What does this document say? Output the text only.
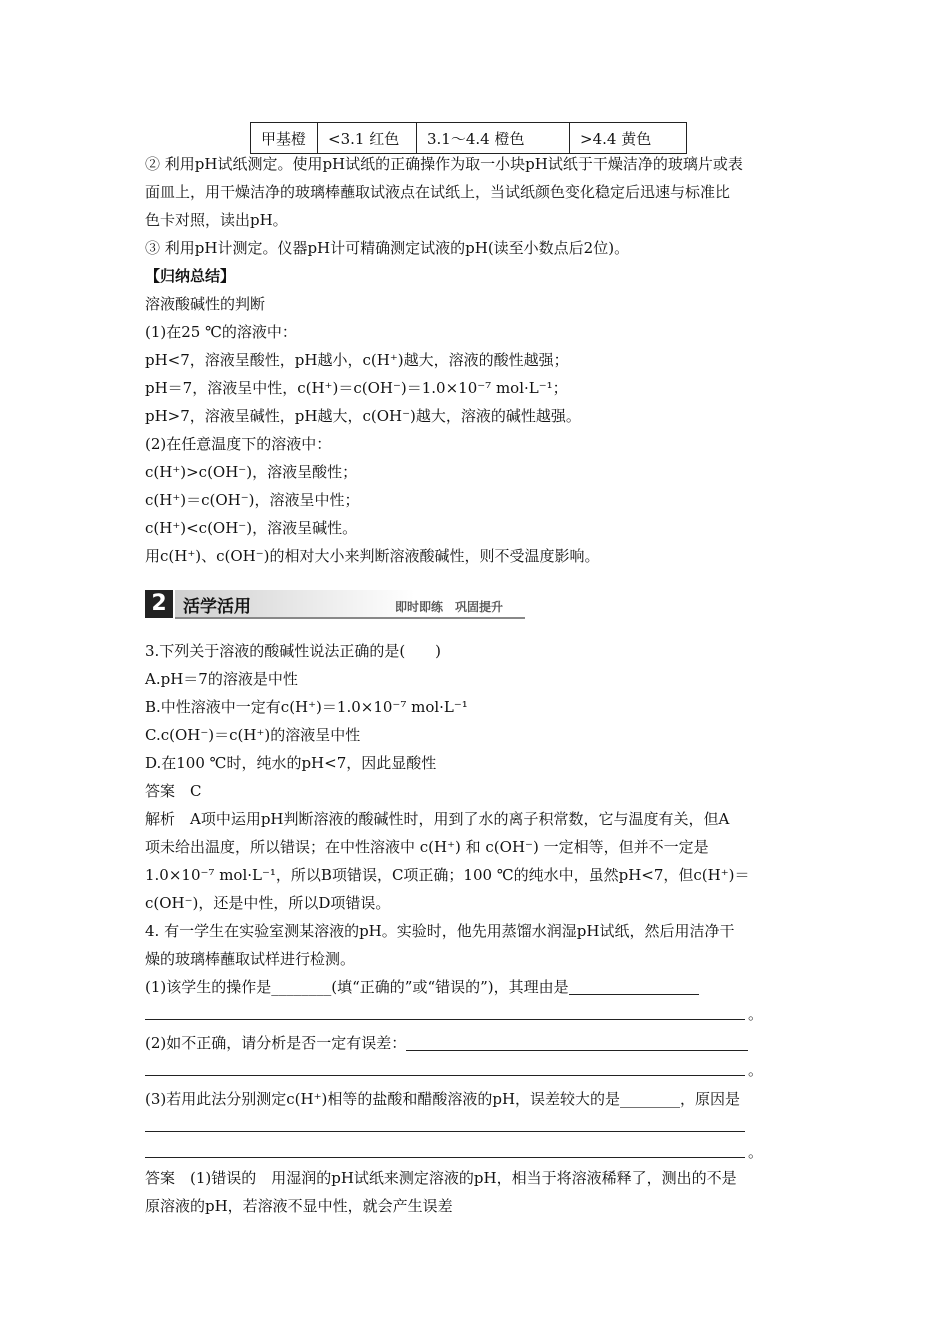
甲基橙	<3.1 红色	3.1～4.4 橙色	>4.4 黄色
② 利用pH试纸测定。使用pH试纸的正确操作为取一小块pH试纸于干燥洁净的玻璃片或表
面皿上，用干燥洁净的玻璃棒蘸取试液点在试纸上，当试纸颜色变化稳定后迅速与标准比
色卡对照，读出pH。
③ 利用pH计测定。仪器pH计可精确测定试液的pH(读至小数点后2位)。
【归纳总结】
溶液酸碱性的判断
(1)在25 ℃的溶液中：
pH<7，溶液呈酸性，pH越小，c(H⁺)越大，溶液的酸性越强；
pH＝7，溶液呈中性，c(H⁺)＝c(OH⁻)＝1.0×10⁻⁷ mol·L⁻¹；
pH>7，溶液呈碱性，pH越大，c(OH⁻)越大，溶液的碱性越强。
(2)在任意温度下的溶液中：
c(H⁺)>c(OH⁻)，溶液呈酸性；
c(H⁺)＝c(OH⁻)，溶液呈中性；
c(H⁺)<c(OH⁻)，溶液呈碱性。
用c(H⁺)、c(OH⁻)的相对大小来判断溶液酸碱性，则不受温度影响。
2 活学活用	即时即练　巩固提升
3.下列关于溶液的酸碱性说法正确的是(　　)
A.pH＝7的溶液是中性
B.中性溶液中一定有c(H⁺)＝1.0×10⁻⁷ mol·L⁻¹
C.c(OH⁻)＝c(H⁺)的溶液呈中性
D.在100 ℃时，纯水的pH<7，因此显酸性
答案　C
解析　A项中运用pH判断溶液的酸碱性时，用到了水的离子积常数，它与温度有关，但A
项未给出温度，所以错误；在中性溶液中 c(H⁺) 和 c(OH⁻) 一定相等，但并不一定是
1.0×10⁻⁷ mol·L⁻¹，所以B项错误，C项正确；100 ℃的纯水中，虽然pH<7，但c(H⁺)＝
c(OH⁻)，还是中性，所以D项错误。
4. 有一学生在实验室测某溶液的pH。实验时，他先用蒸馏水润湿pH试纸，然后用洁净干
燥的玻璃棒蘸取试样进行检测。
(1)该学生的操作是________(填“正确的”或“错误的”)，其理由是
。
(2)如不正确，请分析是否一定有误差：
。
(3)若用此法分别测定c(H⁺)相等的盐酸和醋酸溶液的pH，误差较大的是________，原因是
。
答案　(1)错误的　用湿润的pH试纸来测定溶液的pH，相当于将溶液稀释了，测出的不是
原溶液的pH，若溶液不显中性，就会产生误差
